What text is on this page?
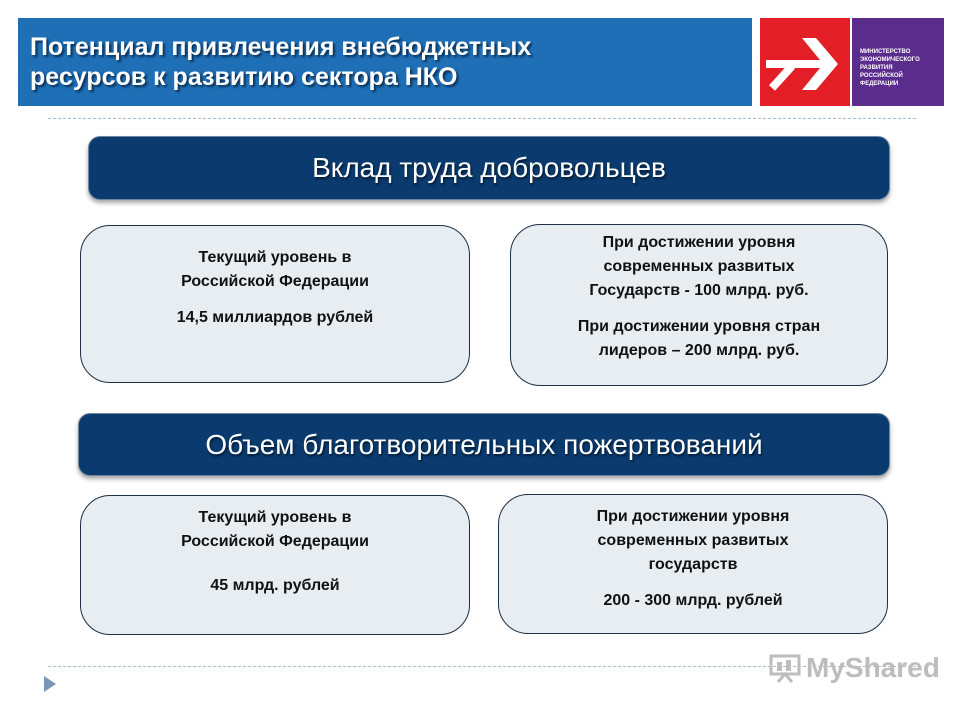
Потенциал привлечения внебюджетных
ресурсов к развитию сектора НКО
МИНИСТЕРСТВО
ЭКОНОМИЧЕСКОГО
РАЗВИТИЯ
РОССИЙСКОЙ
ФЕДЕРАЦИИ
Вклад труда добровольцев
Текущий уровень в
Российской Федерации
14,5 миллиардов рублей
При достижении уровня
современных развитых
Государств - 100 млрд. руб.
При достижении уровня стран
лидеров – 200 млрд. руб.
Объем благотворительных пожертвований
Текущий уровень в
Российской Федерации
45 млрд. рублей
При достижении уровня
современных развитых
государств
200 - 300 млрд. рублей
MyShared
